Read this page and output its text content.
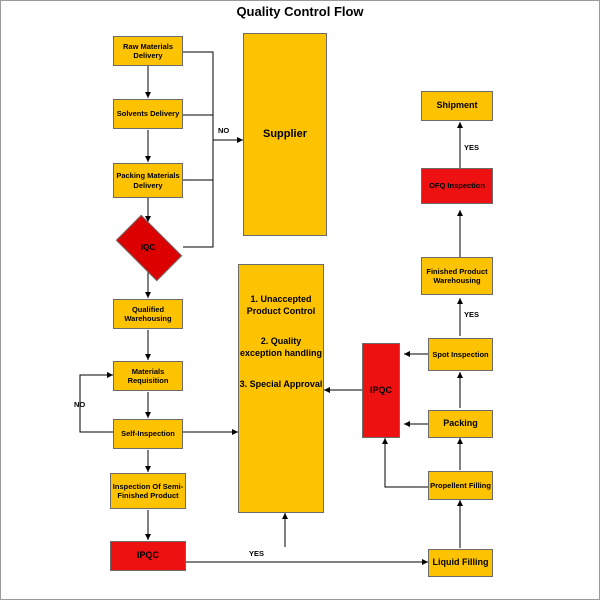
Quality Control Flow
Raw Materials Delivery
Solvents Delivery
Packing Materials Delivery
IQC
Qualified Warehousing
Materials Requisition
Self-Inspection
Inspection Of Semi-Finished Product
IPQC
Supplier
1. Unaccepted Product Control
2. Quality exception handling
3. Special Approval
IPQC
Liquid Filling
Propellent Filling
Packing
Spot Inspection
Finished Product Warehousing
OFQ Inspection
Shipment
NO
NO
YES
YES
YES
